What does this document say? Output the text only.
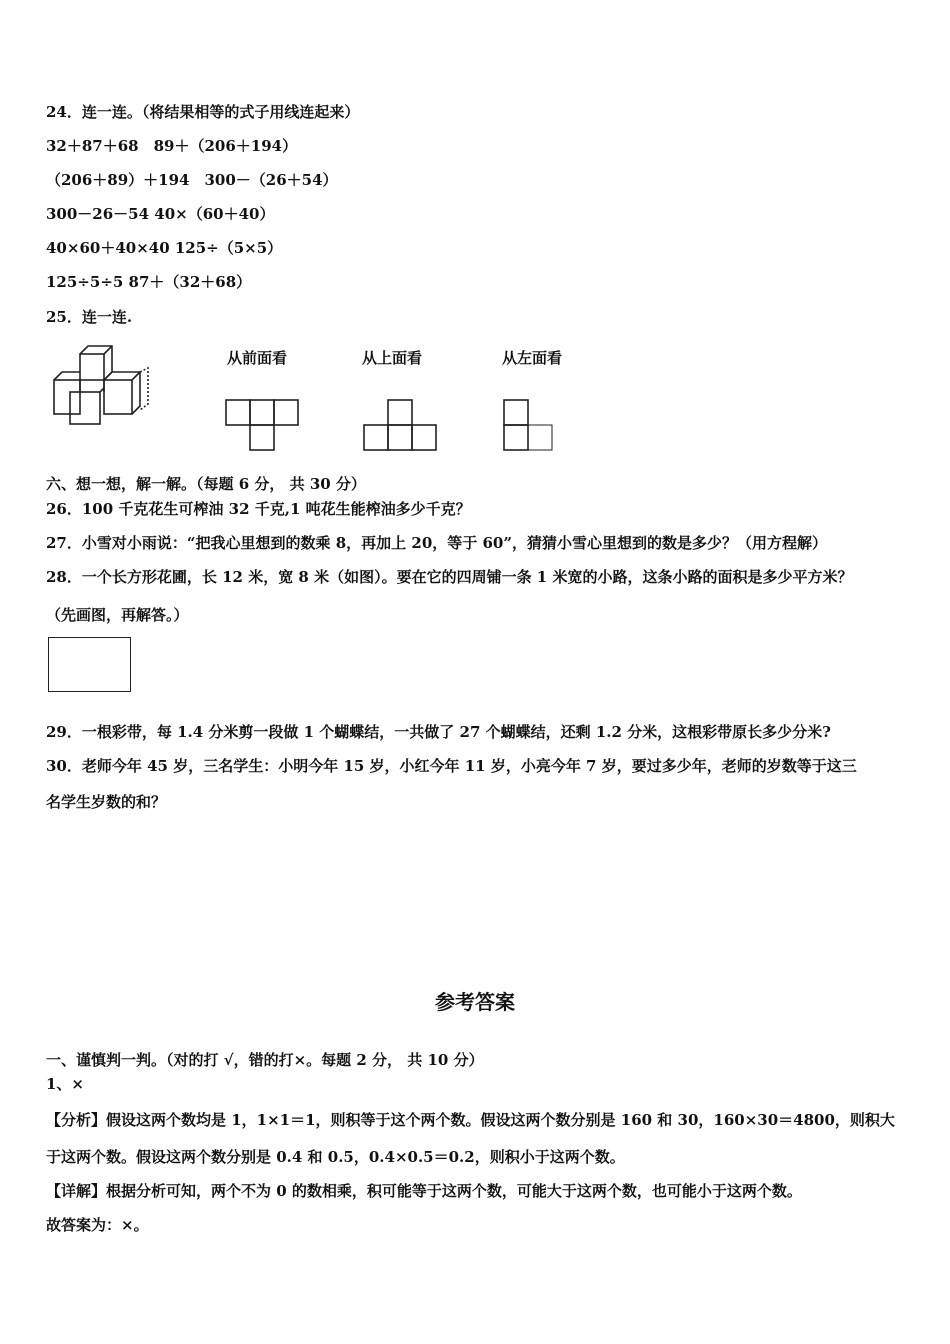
24．连一连。（将结果相等的式子用线连起来）
32＋87＋68　89＋（206＋194）
（206＋89）＋194　300－（26＋54）
300－26－54 40×（60＋40）
40×60＋40×40 125÷（5×5）
125÷5÷5 87＋（32＋68）
25．连一连.
从前面看	从上面看	从左面看
六、想一想，解一解。（每题 6 分， 共 30 分）
26．100 千克花生可榨油 32 千克,1 吨花生能榨油多少千克？
27．小雪对小雨说：“把我心里想到的数乘 8，再加上 20，等于 60”，猜猜小雪心里想到的数是多少？（用方程解）
28．一个长方形花圃，长 12 米，宽 8 米（如图）。要在它的四周铺一条 1 米宽的小路，这条小路的面积是多少平方米？
（先画图，再解答。）
29．一根彩带，每 1.4 分米剪一段做 1 个蝴蝶结，一共做了 27 个蝴蝶结，还剩 1.2 分米，这根彩带原长多少分米?
30．老师今年 45 岁，三名学生：小明今年 15 岁，小红今年 11 岁，小亮今年 7 岁，要过多少年，老师的岁数等于这三
名学生岁数的和？
参考答案
一、谨慎判一判。（对的打 √，错的打×。每题 2 分， 共 10 分）
1、×
【分析】假设这两个数均是 1，1×1＝1，则积等于这个两个数。假设这两个数分别是 160 和 30，160×30＝4800，则积大
于这两个数。假设这两个数分别是 0.4 和 0.5，0.4×0.5＝0.2，则积小于这两个数。
【详解】根据分析可知，两个不为 0 的数相乘，积可能等于这两个数，可能大于这两个数，也可能小于这两个数。
故答案为：×。
